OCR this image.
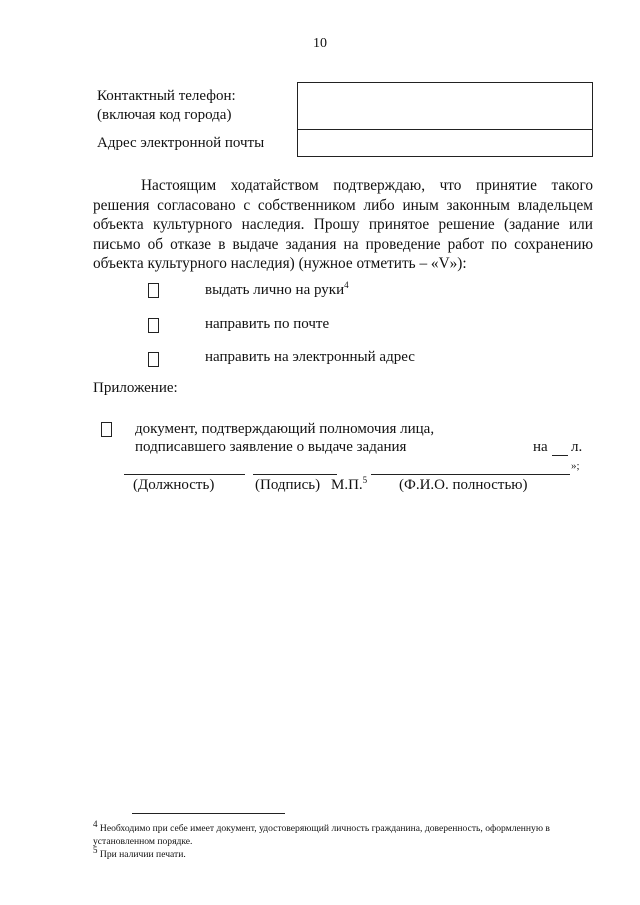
10
Контактный телефон:
(включая код города)	

Адрес электронной почты	

Настоящим ходатайством подтверждаю, что принятие такого решения согласовано с собственником либо иным законным владельцем объекта культурного наследия. Прошу принятое решение (задание или письмо об отказе в выдаче задания на проведение работ по сохранению объекта культурного наследия) (нужное отметить – «V»):

выдать лично на руки$^4$
направить по почте
направить на электронный адрес
Приложение:
документ, подтверждающий полномочия лица,
подписавшего заявление о выдаче задания	на л.
»;
(Должность)	(Подпись) М.П.$^5$ (Ф.И.О. полностью)
$^4$ Необходимо при себе имеет документ, удостоверяющий личность гражданина, доверенность, оформленную в установленном порядке.
$^5$ При наличии печати.
